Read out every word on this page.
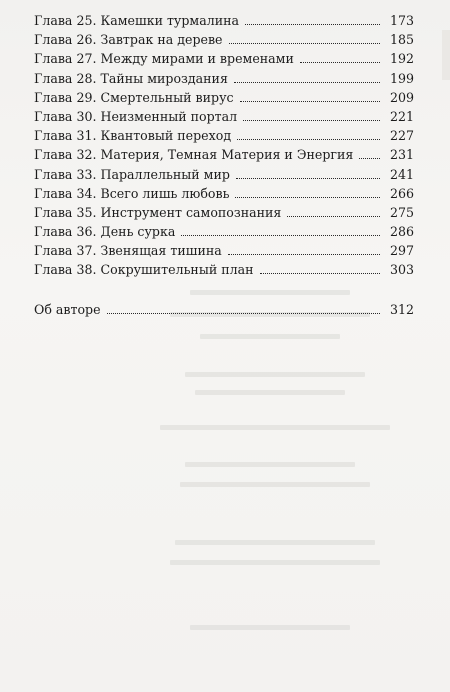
Глава 25. Камешки турмалина	173
Глава 26. Завтрак на дереве	185
Глава 27. Между мирами и временами	192
Глава 28. Тайны мироздания	199
Глава 29. Смертельный вирус	209
Глава 30. Неизменный портал	221
Глава 31. Квантовый переход	227
Глава 32. Материя, Темная Материя и Энергия	231
Глава 33. Параллельный мир	241
Глава 34. Всего лишь любовь	266
Глава 35. Инструмент самопознания	275
Глава 36. День сурка	286
Глава 37. Звенящая тишина	297
Глава 38. Сокрушительный план	303
Об авторе	312
